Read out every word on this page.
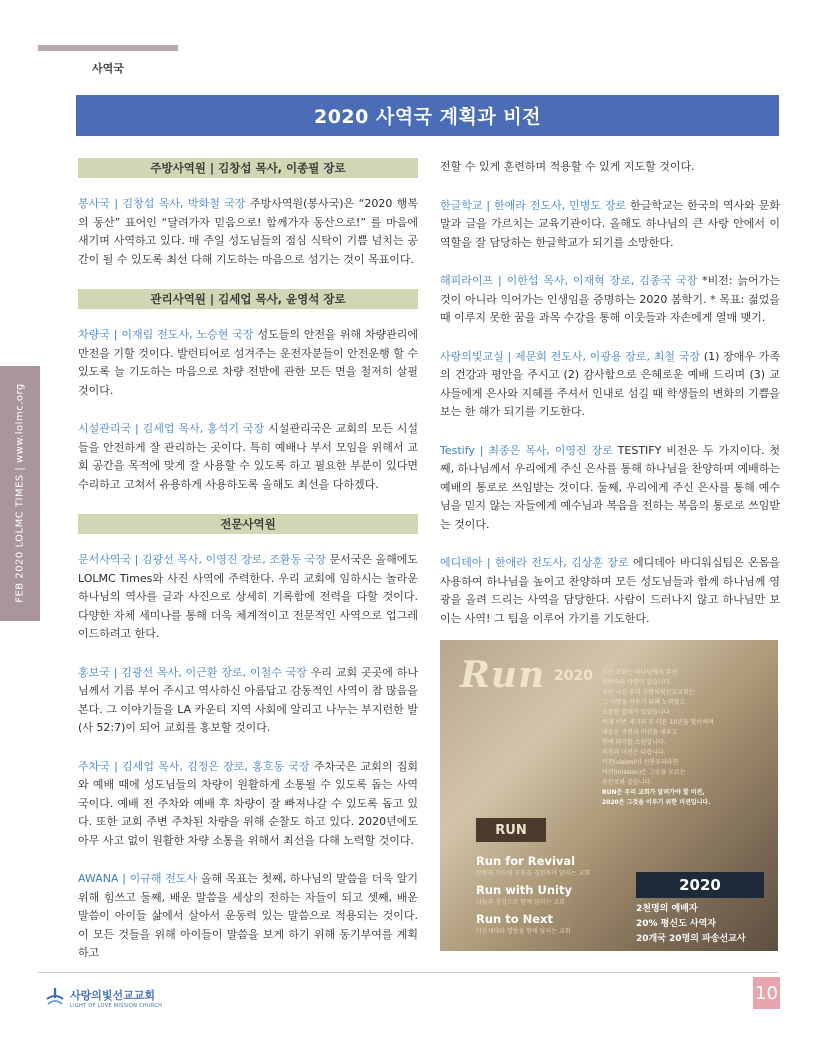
사역국
2020 사역국 계획과 비전
FEB 2020 LOLMC TIMES | www.lolmc.org
주방사역원 | 김창섭 목사, 이종필 장로

봉사국 | 김창섭 목사, 박화철 국장 주방사역원(봉사국)은 “2020 행복의 동산” 표어인 “달려가자 믿음으로! 함께가자 동산으로!” 를 마음에 새기며 사역하고 있다. 매 주일 성도님들의 점심 식탁이 기쁨 넘치는 공간이 될 수 있도록 최선 다해 기도하는 마음으로 섬기는 것이 목표이다.

관리사역원 | 김세업 목사, 윤영석 장로

차량국 | 이재림 전도사, 노승현 국장 성도들의 안전을 위해 차량관리에 만전을 기할 것이다. 발런티어로 섬겨주는 운전자분들이 안전운행 할 수 있도록 늘 기도하는 마음으로 차량 전반에 관한 모든 면을 철저히 살필 것이다.

시설관리국 | 김세업 목사, 홍석기 국장 시설관리국은 교회의 모든 시설들을 안전하게 잘 관리하는 곳이다. 특히 예배나 부서 모임을 위해서 교회 공간을 목적에 맞게 잘 사용할 수 있도록 하고 필요한 부분이 있다면 수리하고 고쳐서 유용하게 사용하도록 올해도 최선을 다하겠다.

전문사역원

문서사역국 | 김광선 목사, 이영진 장로, 조환동 국장 문서국은 올해에도 LOLMC Times와 사진 사역에 주력한다. 우리 교회에 임하시는 놀라운 하나님의 역사를 글과 사진으로 상세히 기록함에 전력을 다할 것이다. 다양한 자체 세미나를 통해 더욱 체계적이고 전문적인 사역으로 업그레이드하려고 한다.

홍보국 | 김광선 목사, 이근환 장로, 이철수 국장 우리 교회 곳곳에 하나님께서 기름 부어 주시고 역사하신 아름답고 감동적인 사역이 참 많음을 본다. 그 이야기들을 LA 카운티 지역 사회에 알리고 나누는 부지런한 발(사 52:7)이 되어 교회를 홍보할 것이다.

주차국 | 김세업 목사, 김정은 장로, 홍호동 국장 주차국은 교회의 집회와 예배 때에 성도님들의 차량이 원활하게 소통될 수 있도록 돕는 사역국이다. 예배 전 주차와 예배 후 차량이 잘 빠져나갈 수 있도록 돕고 있다. 또한 교회 주변 주차된 차량을 위해 순찰도 하고 있다. 2020년에도 아무 사고 없이 원활한 차량 소통을 위해서 최선을 다해 노력할 것이다.

AWANA | 이규해 전도사 올해 목표는 첫째, 하나님의 말씀을 더욱 알기 위해 힘쓰고 둘째, 배운 말씀을 세상의 전하는 자들이 되고 셋째, 배운 말씀이 아이들 삶에서 살아서 운동력 있는 말씀으로 적용되는 것이다. 이 모든 것들을 위해 아이들이 말씀을 보게 하기 위해 동기부여를 계획하고

전할 수 있게 훈련하며 적용할 수 있게 지도할 것이다.

한글학교 | 한애라 전도사, 민병도 장로 한글학교는 한국의 역사와 문화 말과 글을 가르치는 교육기관이다. 올해도 하나님의 큰 사랑 안에서 이 역할을 잘 담당하는 한글학교가 되기를 소망한다.

해피라이프 | 이한섭 목사, 이재혁 장로, 김종국 국장 *비전: 늙어가는 것이 아니라 익어가는 인생임을 증명하는 2020 봄학기. * 목표: 젊었을 때 이루지 못한 꿈을 과목 수강을 통해 이웃들과 자손에게 열매 맺기.

사랑의빛교실 | 제문회 전도사, 이광용 장로, 최철 국장 (1) 장애우 가족의 건강과 평안을 주시고 (2) 감사함으로 은혜로운 예배 드리며 (3) 교사들에게 은사와 지혜를 주셔서 인내로 섬길 때 학생들의 변화의 기쁨을 보는 한 해가 되기를 기도한다.

Testify | 최종은 목사, 이영진 장로 TESTIFY 비전은 두 가지이다. 첫째, 하나님께서 우리에게 주신 은사를 통해 하나님을 찬양하며 예배하는 예배의 통로로 쓰임받는 것이다. 둘째, 우리에게 주신 은사를 통해 예수님을 믿지 않는 자들에게 예수님과 복음을 전하는 복음의 통로로 쓰임받는 것이다.

에디데아 | 한애라 전도사, 김상훈 장로 에디데아 바디워십팀은 온몸을 사용하여 하나님을 높이고 찬양하며 모든 성도님들과 함께 하나님께 영광을 올려 드리는 사역을 담당한다. 사람이 드러나지 않고 하나님만 보이는 사역! 그 팀을 이루어 가기를 기도한다.

Run 2020 모든 교회는 하나님께서 주신
저마다의 사명이 있습니다.
지난 시간 우리 사랑의빛선교교회는
그 사명을 이루기 위해 노력했고
소중한 열매가 있었습니다.
이제 이번 세기의 또 다른 10년을 맞이하며
새로운 비전과 미션을 세우고
함께 뛰기를 소원합니다.
비전과 미션은 다릅니다.
비전(vision)이 선봉우리라면
미션(mission)은 그곳을 오르는
등산로와 같습니다.
RUN은 우리 교회가 달려가야 할 비전,
2020은 그것을 이루기 위한 미션입니다.
RUN
Run for Revival
말씀과 기도의 부흥을 경험하며 달리는 교회
Run with Unity
나눔과 섬김으로 함께 달리는 교회
Run to Next
다음세대와 열방을 향해 달리는 교회
2020
2천명의 예배자
20% 평신도 사역자
20개국 20명의 파송선교사
사랑의빛선교교회
LIGHT OF LOVE MISSION CHURCH
10
